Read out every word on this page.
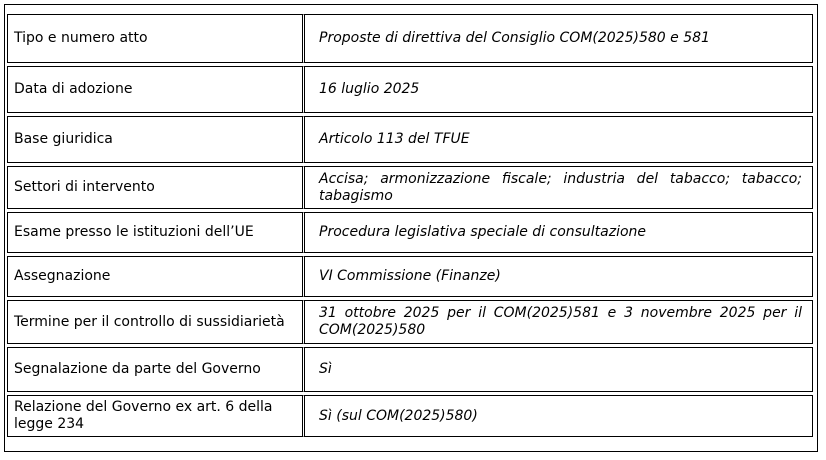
Tipo e numero atto	Proposte di direttiva del Consiglio COM(2025)580 e 581
Data di adozione	16 luglio 2025
Base giuridica	Articolo 113 del TFUE
Settori di intervento	Accisa; armonizzazione fiscale; industria del tabacco; tabacco; tabagismo
Esame presso le istituzioni dell’UE	Procedura legislativa speciale di consultazione
Assegnazione	VI Commissione (Finanze)
Termine per il controllo di sussidiarietà	31 ottobre 2025 per il COM(2025)581 e 3 novembre 2025 per il COM(2025)580
Segnalazione da parte del Governo	Sì
Relazione del Governo ex art. 6 della legge 234	Sì (sul COM(2025)580)
